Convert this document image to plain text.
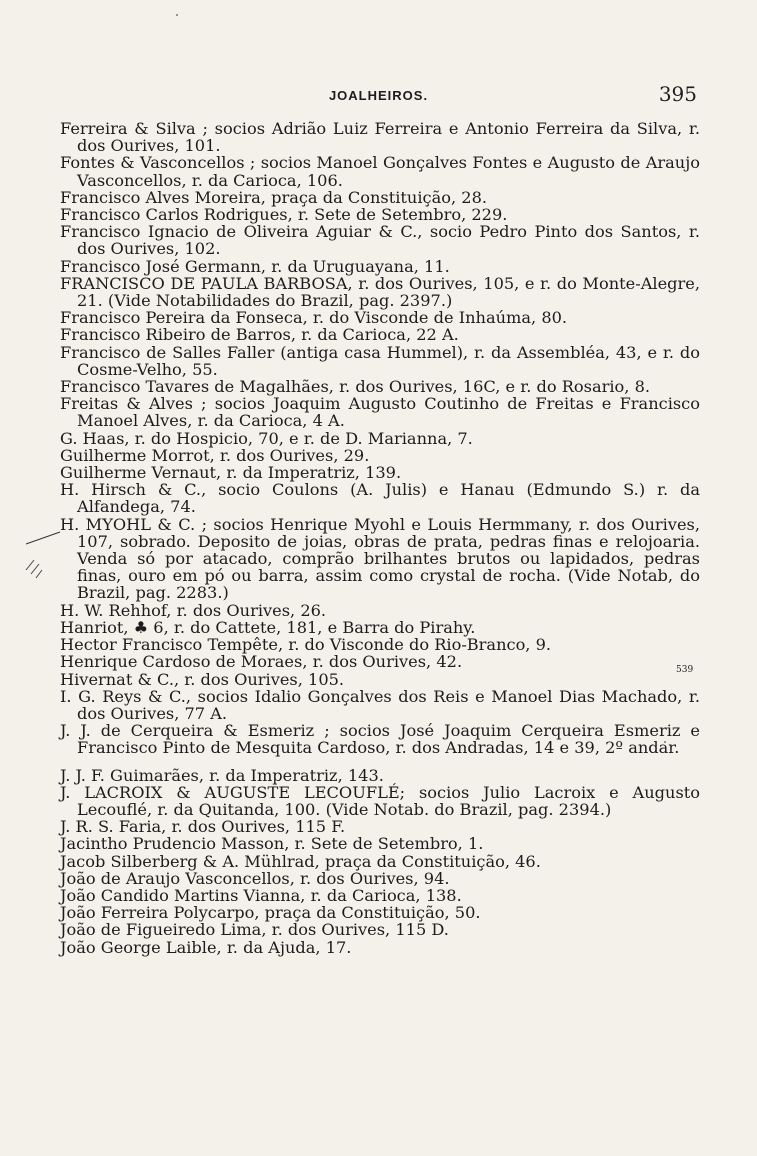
JOALHEIROS.	395
539
Ferreira & Silva ; socios Adrião Luiz Ferreira e Antonio Ferreira da Silva, r. dos Ourives, 101.
Fontes & Vasconcellos ; socios Manoel Gonçalves Fontes e Augusto de Araujo Vasconcellos, r. da Carioca, 106.
Francisco Alves Moreira, praça da Constituição, 28.
Francisco Carlos Rodrigues, r. Sete de Setembro, 229.
Francisco Ignacio de Oliveira Aguiar & C., socio Pedro Pinto dos Santos, r. dos Ourives, 102.
Francisco José Germann, r. da Uruguayana, 11.
FRANCISCO DE PAULA BARBOSA, r. dos Ourives, 105, e r. do Monte-Alegre, 21. (Vide Notabilidades do Brazil, pag. 2397.)
Francisco Pereira da Fonseca, r. do Visconde de Inhaúma, 80.
Francisco Ribeiro de Barros, r. da Carioca, 22 A.
Francisco de Salles Faller (antiga casa Hummel), r. da Assembléa, 43, e r. do Cosme-Velho, 55.
Francisco Tavares de Magalhães, r. dos Ourives, 16C, e r. do Rosario, 8.
Freitas & Alves ; socios Joaquim Augusto Coutinho de Freitas e Francisco Manoel Alves, r. da Carioca, 4 A.
G. Haas, r. do Hospicio, 70, e r. de D. Marianna, 7.
Guilherme Morrot, r. dos Ourives, 29.
Guilherme Vernaut, r. da Imperatriz, 139.
H. Hirsch & C., socio Coulons (A. Julis) e Hanau (Edmundo S.) r. da Alfandega, 74.
H. MYOHL & C. ; socios Henrique Myohl e Louis Hermmany, r. dos Ourives, 107, sobrado. Deposito de joias, obras de prata, pedras finas e relojoaria. Venda só por atacado, comprão brilhantes brutos ou lapidados, pedras finas, ouro em pó ou barra, assim como crystal de rocha. (Vide Notab, do Brazil, pag. 2283.)
H. W. Rehhof, r. dos Ourives, 26.
Hanriot, ♣ 6, r. do Cattete, 181, e Barra do Pirahy.
Hector Francisco Tempête, r. do Visconde do Rio-Branco, 9.
Henrique Cardoso de Moraes, r. dos Ourives, 42.
Hivernat & C., r. dos Ourives, 105.
I. G. Reys & C., socios Idalio Gonçalves dos Reis e Manoel Dias Machado, r. dos Ourives, 77 A.
J. J. de Cerqueira & Esmeriz ; socios José Joaquim Cerqueira Esmeriz e Francisco Pinto de Mesquita Cardoso, r. dos Andradas, 14 e 39, 2º andar.
J. J. F. Guimarães, r. da Imperatriz, 143.
J. LACROIX & AUGUSTE LECOUFLÉ; socios Julio Lacroix e Augusto Lecouflé, r. da Quitanda, 100. (Vide Notab. do Brazil, pag. 2394.)
J. R. S. Faria, r. dos Ourives, 115 F.
Jacintho Prudencio Masson, r. Sete de Setembro, 1.
Jacob Silberberg & A. Mühlrad, praça da Constituição, 46.
João de Araujo Vasconcellos, r. dos Ourives, 94.
João Candido Martins Vianna, r. da Carioca, 138.
João Ferreira Polycarpo, praça da Constituição, 50.
João de Figueiredo Lima, r. dos Ourives, 115 D.
João George Laible, r. da Ajuda, 17.
